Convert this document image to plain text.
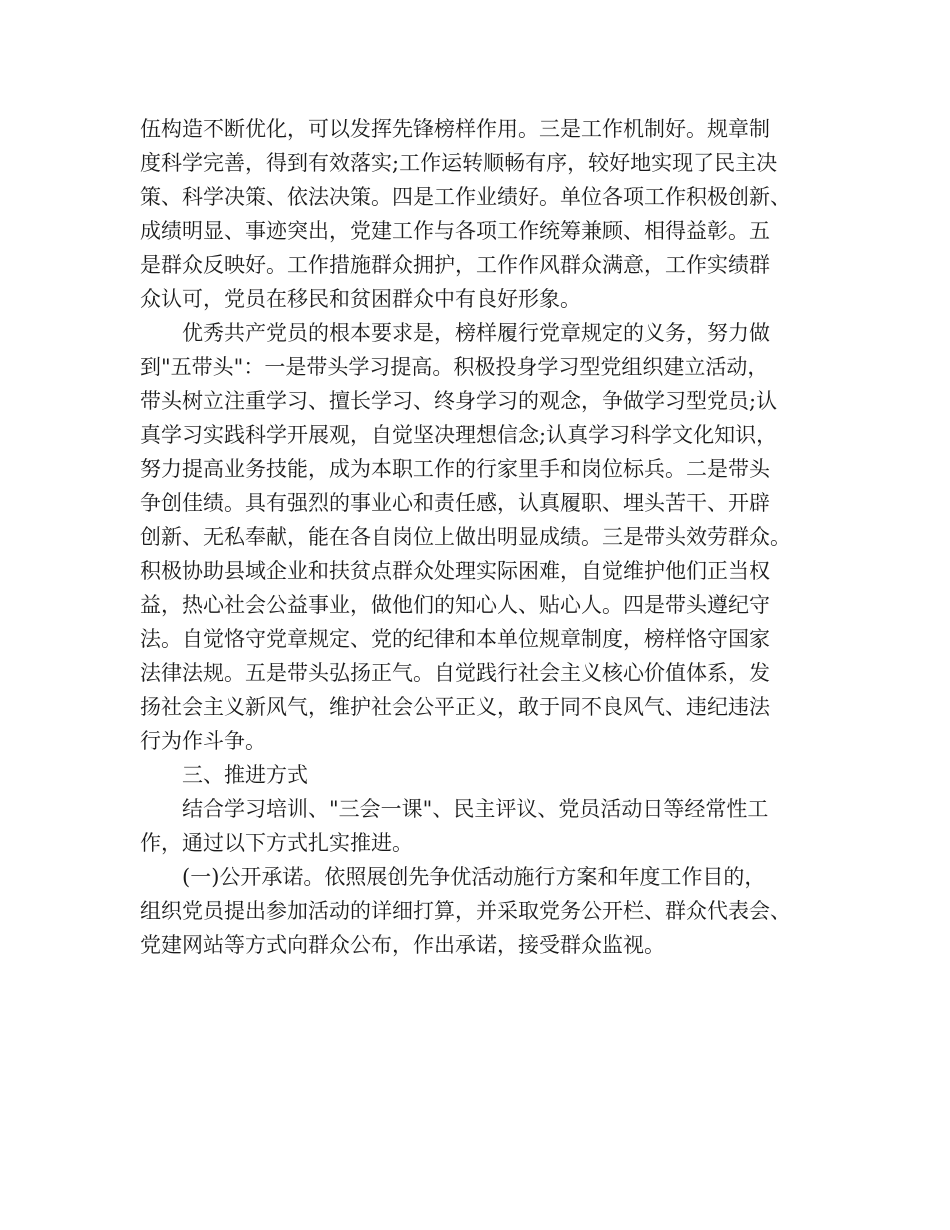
伍构造不断优化，可以发挥先锋榜样作用。三是工作机制好。规章制
度科学完善，得到有效落实;工作运转顺畅有序，较好地实现了民主决
策、科学决策、依法决策。四是工作业绩好。单位各项工作积极创新、
成绩明显、事迹突出，党建工作与各项工作统筹兼顾、相得益彰。五
是群众反映好。工作措施群众拥护，工作作风群众满意，工作实绩群
众认可，党员在移民和贫困群众中有良好形象。
优秀共产党员的根本要求是，榜样履行党章规定的义务，努力做
到"五带头"：一是带头学习提高。积极投身学习型党组织建立活动，
带头树立注重学习、擅长学习、终身学习的观念，争做学习型党员;认
真学习实践科学开展观，自觉坚决理想信念;认真学习科学文化知识，
努力提高业务技能，成为本职工作的行家里手和岗位标兵。二是带头
争创佳绩。具有强烈的事业心和责任感，认真履职、埋头苦干、开辟
创新、无私奉献，能在各自岗位上做出明显成绩。三是带头效劳群众。
积极协助县域企业和扶贫点群众处理实际困难，自觉维护他们正当权
益，热心社会公益事业，做他们的知心人、贴心人。四是带头遵纪守
法。自觉恪守党章规定、党的纪律和本单位规章制度，榜样恪守国家
法律法规。五是带头弘扬正气。自觉践行社会主义核心价值体系，发
扬社会主义新风气，维护社会公平正义，敢于同不良风气、违纪违法
行为作斗争。
三、推进方式
结合学习培训、"三会一课"、民主评议、党员活动日等经常性工
作，通过以下方式扎实推进。
(一)公开承诺。依照展创先争优活动施行方案和年度工作目的，
组织党员提出参加活动的详细打算，并采取党务公开栏、群众代表会、
党建网站等方式向群众公布，作出承诺，接受群众监视。
